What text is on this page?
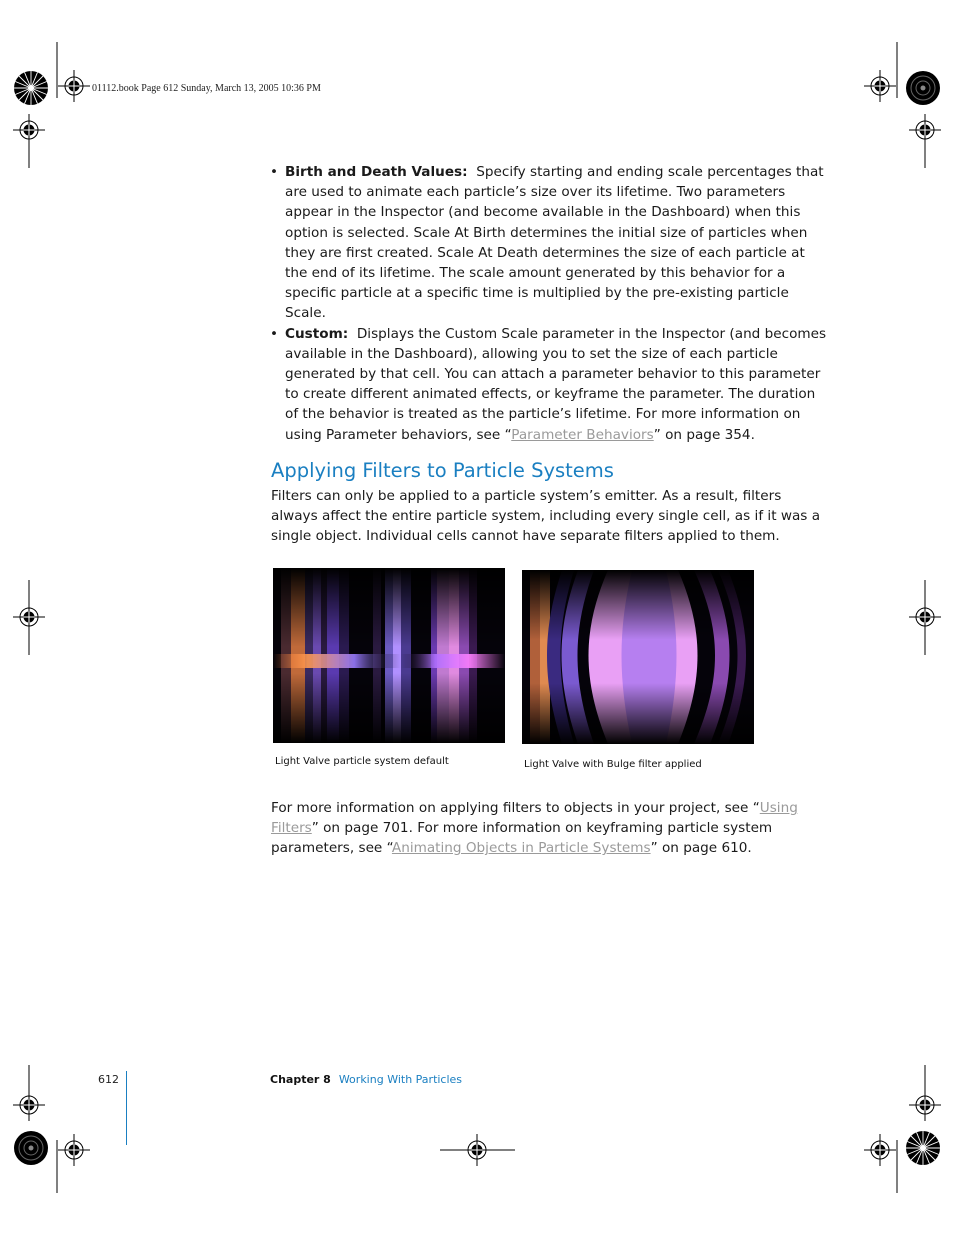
01112.book Page 612 Sunday, March 13, 2005 10:36 PM
• Birth and Death Values: Specify starting and ending scale percentages that are used to animate each particle’s size over its lifetime. Two parameters appear in the Inspector (and become available in the Dashboard) when this option is selected. Scale At Birth determines the initial size of particles when they are first created. Scale At Death determines the size of each particle at the end of its lifetime. The scale amount generated by this behavior for a specific particle at a specific time is multiplied by the pre-existing particle Scale.
• Custom: Displays the Custom Scale parameter in the Inspector (and becomes available in the Dashboard), allowing you to set the size of each particle generated by that cell. You can attach a parameter behavior to this parameter to create different animated effects, or keyframe the parameter. The duration of the behavior is treated as the particle’s lifetime. For more information on using Parameter behaviors, see “Parameter Behaviors” on page 354.
Applying Filters to Particle Systems

Filters can only be applied to a particle system’s emitter. As a result, filters always affect the entire particle system, including every single cell, as if it was a single object. Individual cells cannot have separate filters applied to them.

Light Valve particle system default	Light Valve with Bulge filter applied

For more information on applying filters to objects in your project, see “Using Filters” on page 701. For more information on keyframing particle system parameters, see “Animating Objects in Particle Systems” on page 610.

612	Chapter 8 Working With Particles
